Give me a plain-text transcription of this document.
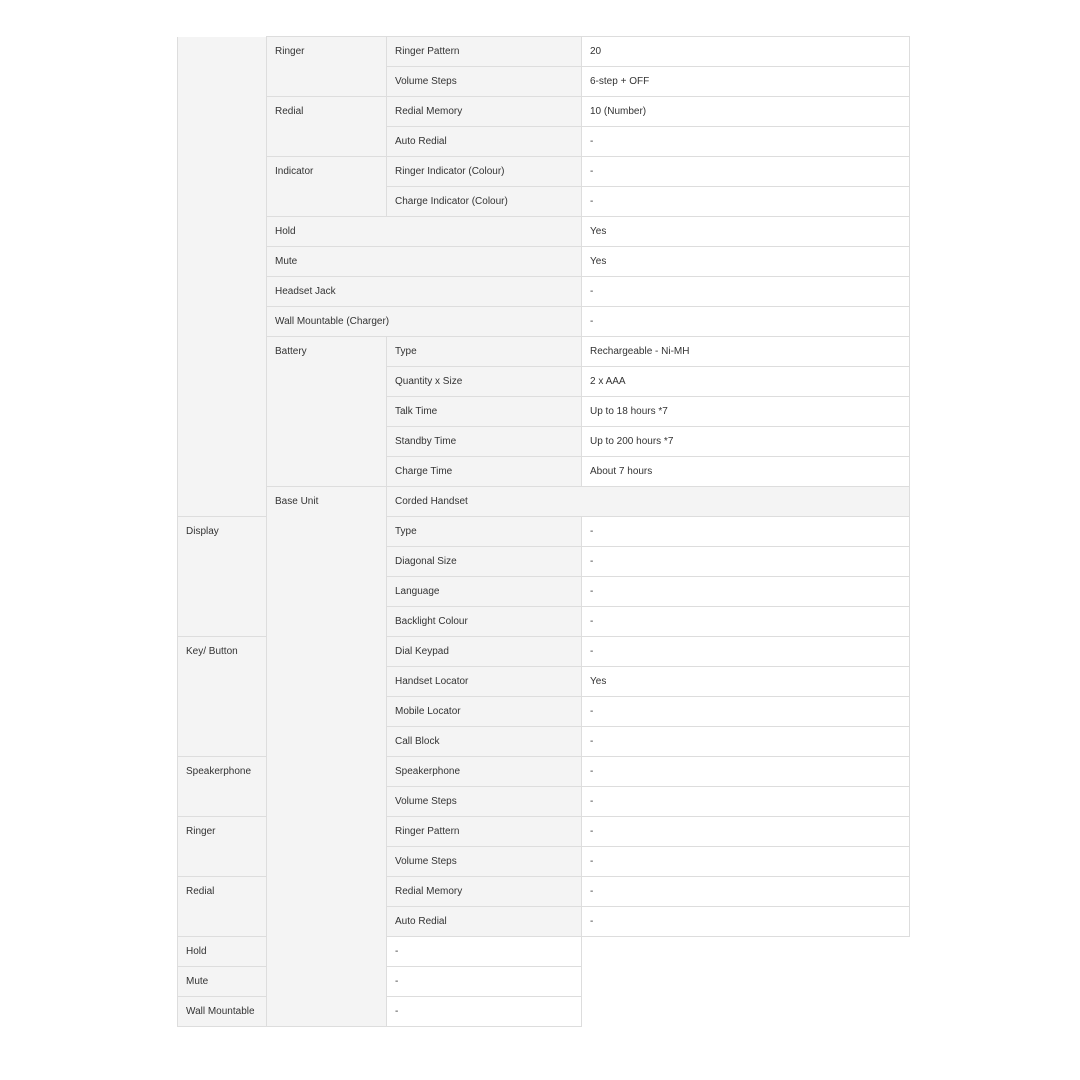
	Ringer	Ringer Pattern	20	
		Volume Steps	6-step + OFF	
	Redial	Redial Memory	10 (Number)	
		Auto Redial	-	
	Indicator	Ringer Indicator (Colour)	-	
		Charge Indicator (Colour)	-	
	Hold		Yes	
	Mute		Yes	
	Headset Jack		-	
	Wall Mountable (Charger)		-	
	Battery	Type	Rechargeable - Ni-MH	
		Quantity x Size	2 x AAA	
		Talk Time	Up to 18 hours *7	
		Standby Time	Up to 200 hours *7	
		Charge Time	About 7 hours	
	Base Unit	Corded Handset	
Display		Type	-	
		Diagonal Size	-	
		Language	-	
		Backlight Colour	-	
Key/ Button		Dial Keypad	-	
		Handset Locator	Yes	
		Mobile Locator	-	
		Call Block	-	
Speakerphone		Speakerphone	-	
		Volume Steps	-	
Ringer		Ringer Pattern	-	
		Volume Steps	-	
Redial		Redial Memory	-	
		Auto Redial	-	
Hold		-		
Mute		-		
Wall Mountable		-		
